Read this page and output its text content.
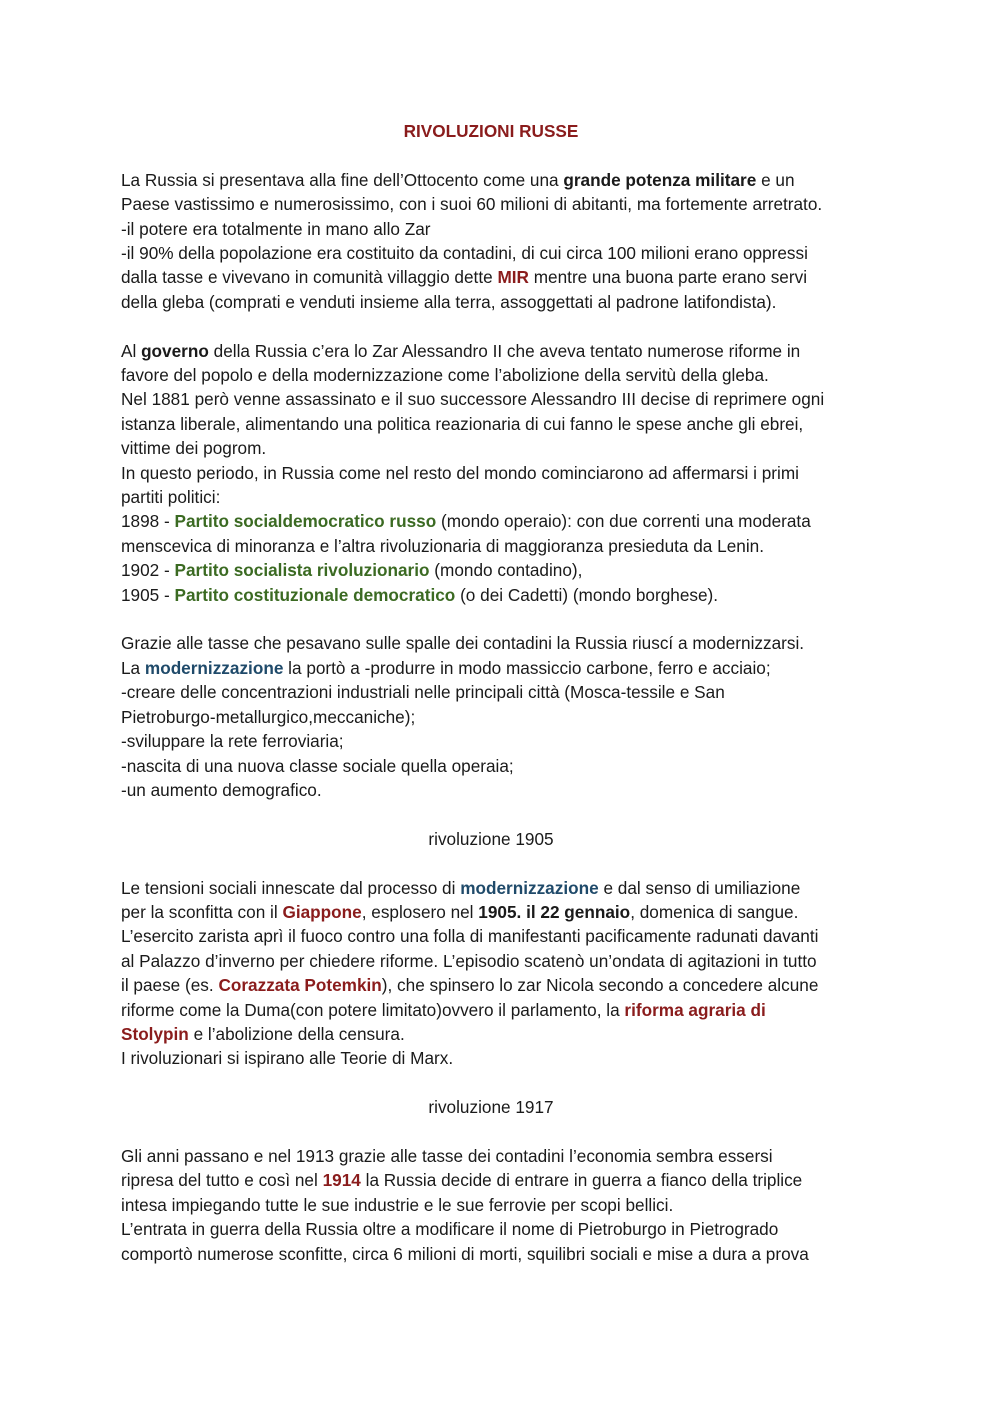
RIVOLUZIONI RUSSE
La Russia si presentava alla fine dell’Ottocento come una grande potenza militare e un
Paese vastissimo e numerosissimo, con i suoi 60 milioni di abitanti, ma fortemente arretrato.
-il potere era totalmente in mano allo Zar
-il 90% della popolazione era costituito da contadini, di cui circa 100 milioni erano oppressi
dalla tasse e vivevano in comunità villaggio dette MIR mentre una buona parte erano servi
della gleba (comprati e venduti insieme alla terra, assoggettati al padrone latifondista).
Al governo della Russia c’era lo Zar Alessandro II che aveva tentato numerose riforme in
favore del popolo e della modernizzazione come l’abolizione della servitù della gleba.
Nel 1881 però venne assassinato e il suo successore Alessandro III decise di reprimere ogni
istanza liberale, alimentando una politica reazionaria di cui fanno le spese anche gli ebrei,
vittime dei pogrom.
In questo periodo, in Russia come nel resto del mondo cominciarono ad affermarsi i primi
partiti politici:
1898 - Partito socialdemocratico russo (mondo operaio): con due correnti una moderata
menscevica di minoranza e l’altra rivoluzionaria di maggioranza presieduta da Lenin.
1902 - Partito socialista rivoluzionario (mondo contadino),
1905 - Partito costituzionale democratico (o dei Cadetti) (mondo borghese).
Grazie alle tasse che pesavano sulle spalle dei contadini la Russia riuscí a modernizzarsi.
La modernizzazione la portò a -produrre in modo massiccio carbone, ferro e acciaio;
-creare delle concentrazioni industriali nelle principali città (Mosca-tessile e San
Pietroburgo-metallurgico,meccaniche);
-sviluppare la rete ferroviaria;
-nascita di una nuova classe sociale quella operaia;
-un aumento demografico.
rivoluzione 1905
Le tensioni sociali innescate dal processo di modernizzazione e dal senso di umiliazione
per la sconfitta con il Giappone, esplosero nel 1905. il 22 gennaio, domenica di sangue.
L’esercito zarista aprì il fuoco contro una folla di manifestanti pacificamente radunati davanti
al Palazzo d’inverno per chiedere riforme. L’episodio scatenò un’ondata di agitazioni in tutto
il paese (es. Corazzata Potemkin), che spinsero lo zar Nicola secondo a concedere alcune
riforme come la Duma(con potere limitato)ovvero il parlamento, la riforma agraria di
Stolypin e l’abolizione della censura.
I rivoluzionari si ispirano alle Teorie di Marx.
rivoluzione 1917
Gli anni passano e nel 1913 grazie alle tasse dei contadini l’economia sembra essersi
ripresa del tutto e così nel 1914 la Russia decide di entrare in guerra a fianco della triplice
intesa impiegando tutte le sue industrie e le sue ferrovie per scopi bellici.
L’entrata in guerra della Russia oltre a modificare il nome di Pietroburgo in Pietrogrado
comportò numerose sconfitte, circa 6 milioni di morti, squilibri sociali e mise a dura a prova
